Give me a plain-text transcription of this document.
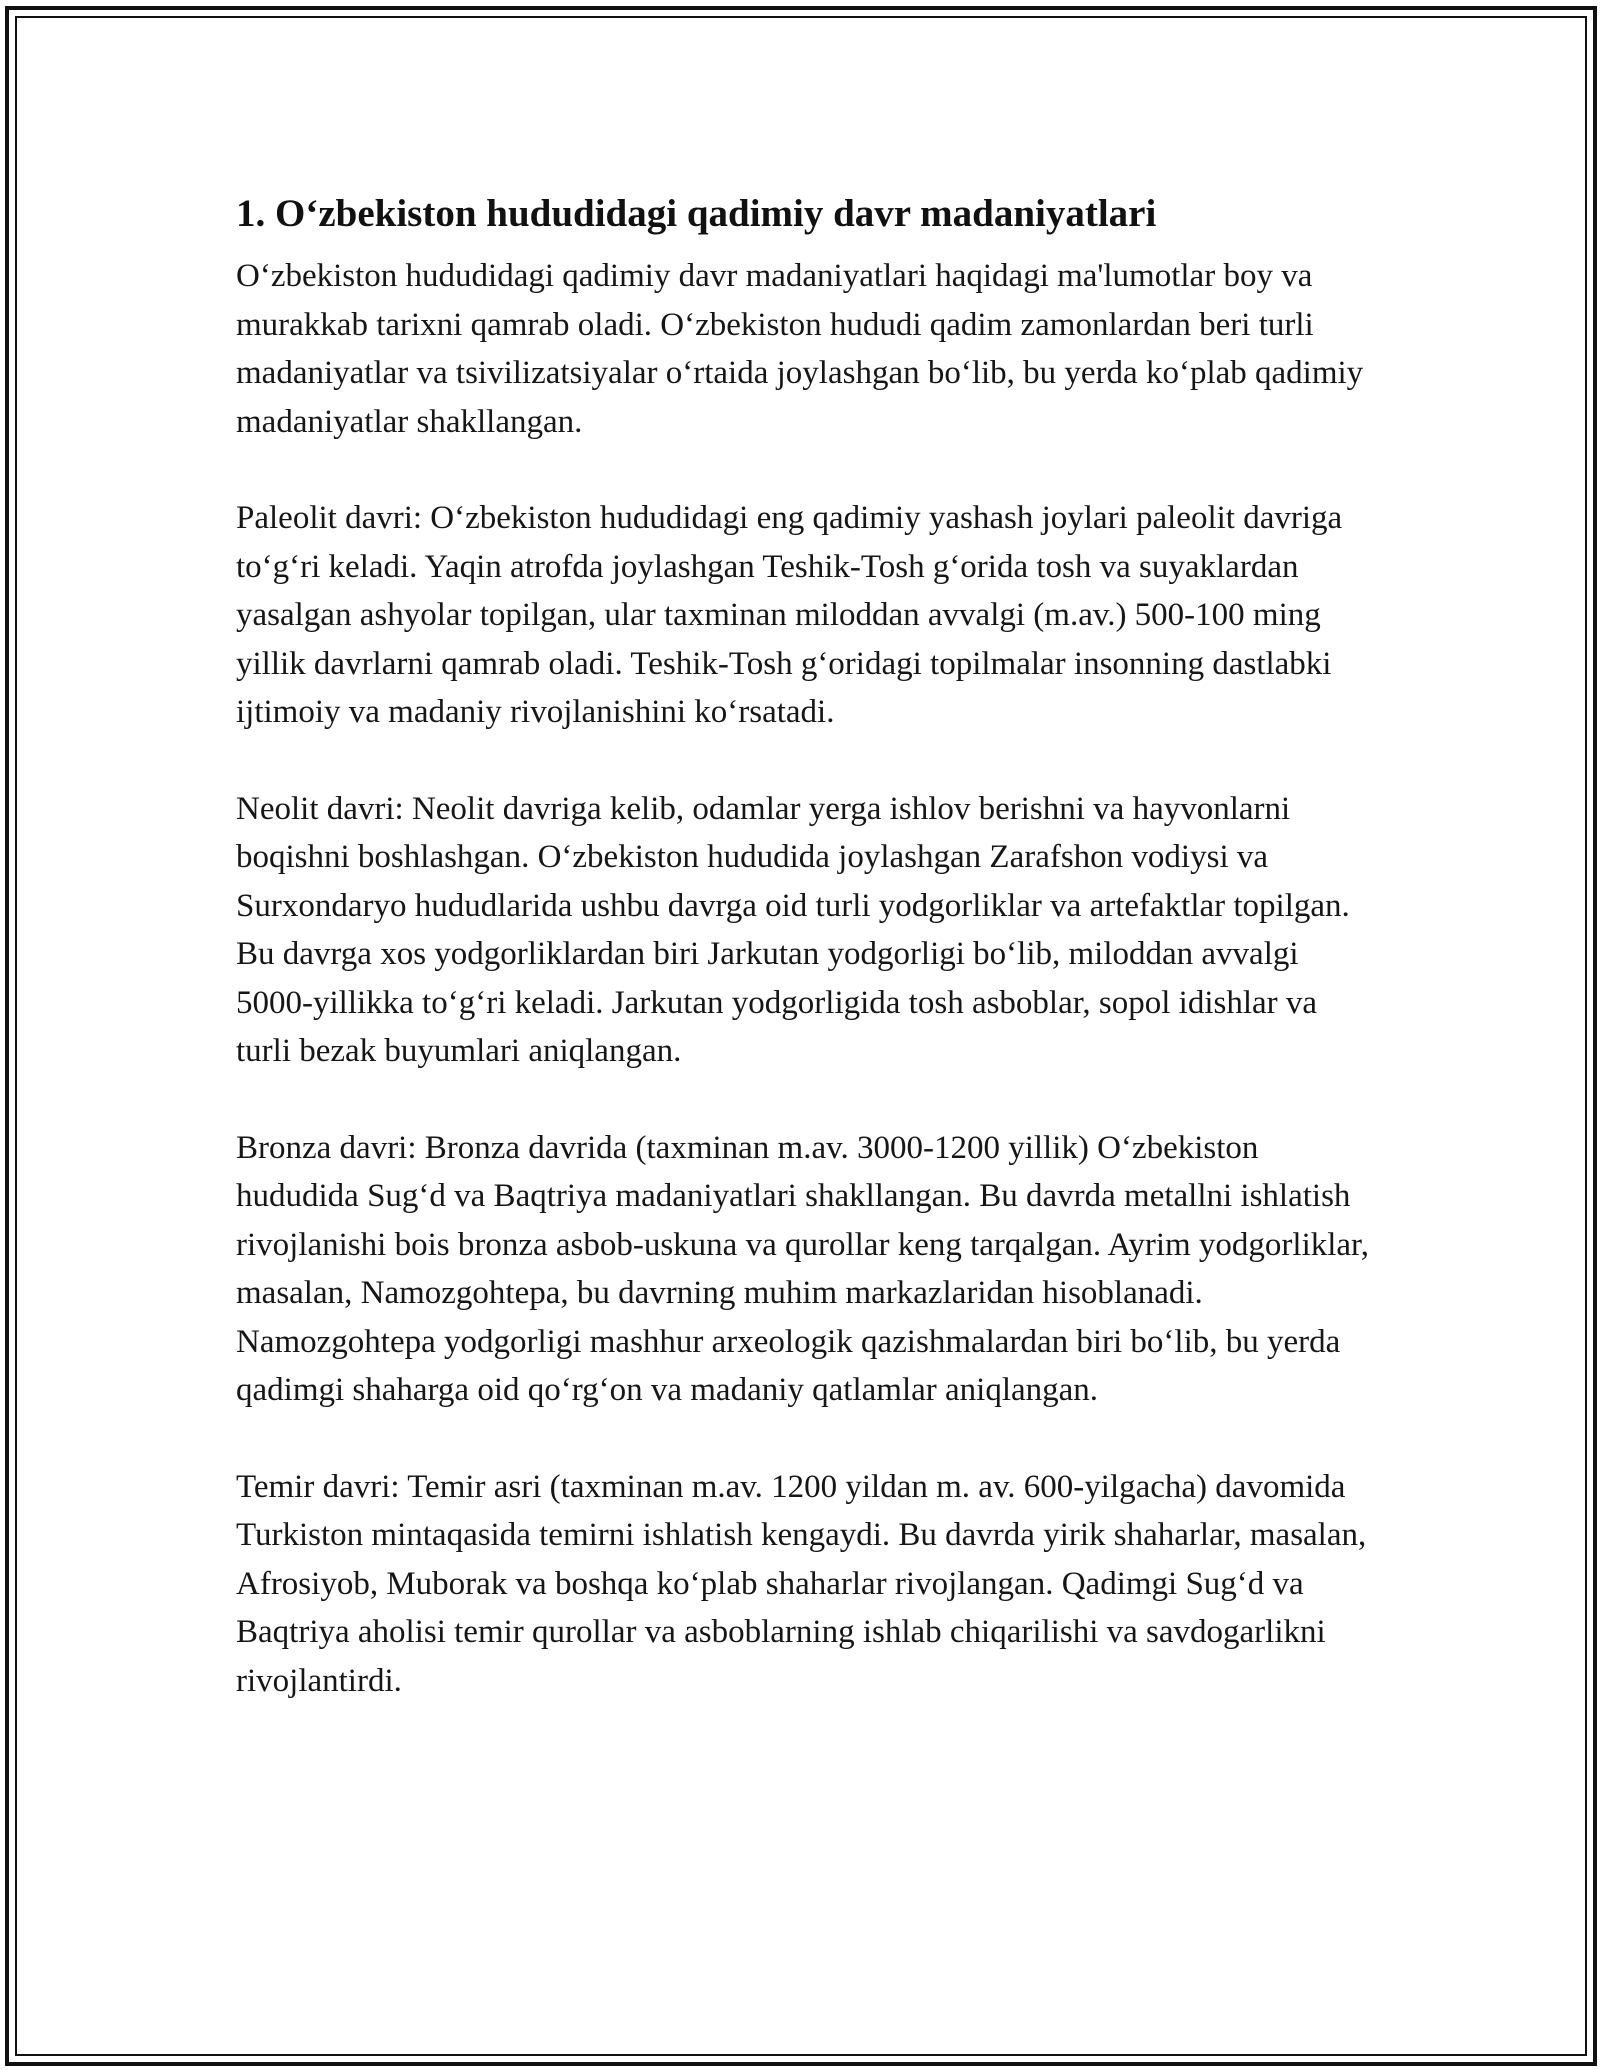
1. O‘zbekiston hududidagi qadimiy davr madaniyatlari

O‘zbekiston hududidagi qadimiy davr madaniyatlari haqidagi ma'lumotlar boy va murakkab tarixni qamrab oladi. O‘zbekiston hududi qadim zamonlardan beri turli madaniyatlar va tsivilizatsiyalar o‘rtaida joylashgan bo‘lib, bu yerda ko‘plab qadimiy madaniyatlar shakllangan.

Paleolit davri: O‘zbekiston hududidagi eng qadimiy yashash joylari paleolit davriga to‘g‘ri keladi. Yaqin atrofda joylashgan Teshik-Tosh g‘orida tosh va suyaklardan yasalgan ashyolar topilgan, ular taxminan miloddan avvalgi (m.av.) 500-100 ming yillik davrlarni qamrab oladi. Teshik-Tosh g‘oridagi topilmalar insonning dastlabki ijtimoiy va madaniy rivojlanishini ko‘rsatadi.

Neolit davri: Neolit davriga kelib, odamlar yerga ishlov berishni va hayvonlarni boqishni boshlashgan. O‘zbekiston hududida joylashgan Zarafshon vodiysi va Surxondaryo hududlarida ushbu davrga oid turli yodgorliklar va artefaktlar topilgan. Bu davrga xos yodgorliklardan biri Jarkutan yodgorligi bo‘lib, miloddan avvalgi 5000-yillikka to‘g‘ri keladi. Jarkutan yodgorligida tosh asboblar, sopol idishlar va turli bezak buyumlari aniqlangan.

Bronza davri: Bronza davrida (taxminan m.av. 3000-1200 yillik) O‘zbekiston hududida Sug‘d va Baqtriya madaniyatlari shakllangan. Bu davrda metallni ishlatish rivojlanishi bois bronza asbob-uskuna va qurollar keng tarqalgan. Ayrim yodgorliklar, masalan, Namozgohtepa, bu davrning muhim markazlaridan hisoblanadi. Namozgohtepa yodgorligi mashhur arxeologik qazishmalardan biri bo‘lib, bu yerda qadimgi shaharga oid qo‘rg‘on va madaniy qatlamlar aniqlangan.

Temir davri: Temir asri (taxminan m.av. 1200 yildan m. av. 600-yilgacha) davomida Turkiston mintaqasida temirni ishlatish kengaydi. Bu davrda yirik shaharlar, masalan, Afrosiyob, Muborak va boshqa ko‘plab shaharlar rivojlangan. Qadimgi Sug‘d va Baqtriya aholisi temir qurollar va asboblarning ishlab chiqarilishi va savdogarlikni rivojlantirdi.
